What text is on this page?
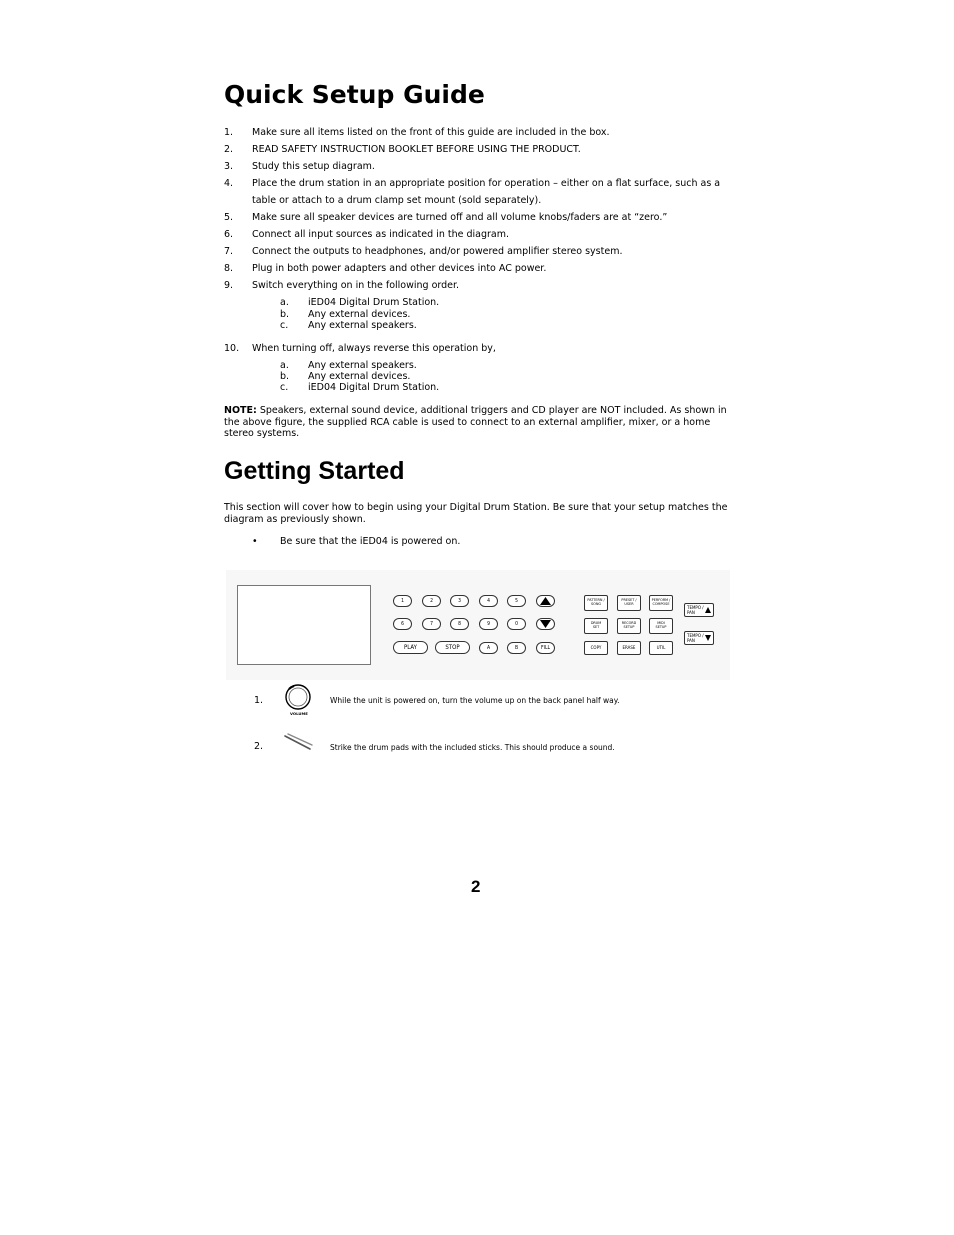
Quick Setup Guide
1. Make sure all items listed on the front of this guide are included in the box.
2. READ SAFETY INSTRUCTION BOOKLET BEFORE USING THE PRODUCT.
3. Study this setup diagram.
4. Place the drum station in an appropriate position for operation – either on a flat surface, such as a table or attach to a drum clamp set mount (sold separately).
5. Make sure all speaker devices are turned off and all volume knobs/faders are at “zero.”
6. Connect all input sources as indicated in the diagram.
7. Connect the outputs to headphones, and/or powered amplifier stereo system.
8. Plug in both power adapters and other devices into AC power.
9. Switch everything on in the following order.
a. iED04 Digital Drum Station.
b. Any external devices.
c. Any external speakers.
10. When turning off, always reverse this operation by,
a. Any external speakers.
b. Any external devices.
c. iED04 Digital Drum Station.

NOTE: Speakers, external sound device, additional triggers and CD player are NOT included. As shown in the above figure, the supplied RCA cable is used to connect to an external amplifier, mixer, or a home stereo systems.

Getting Started

This section will cover how to begin using your Digital Drum Station. Be sure that your setup matches the diagram as previously shown.

• Be sure that the iED04 is powered on.
1	2	3	4	5
6	7	8	9	0
PLAY	STOP	A	B	FILL
PATTERN /
SONG
PRESET /
USER
PERFORM /
COMPOSE
DRUM
SET
RECORD
SETUP
MIDI
SETUP
COPY	ERASE	UTIL
TEMPO /
PAN
TEMPO /
PAN
1.
VOLUME
While the unit is powered on, turn the volume up on the back panel half way.
2.	Strike the drum pads with the included sticks. This should produce a sound.
2
